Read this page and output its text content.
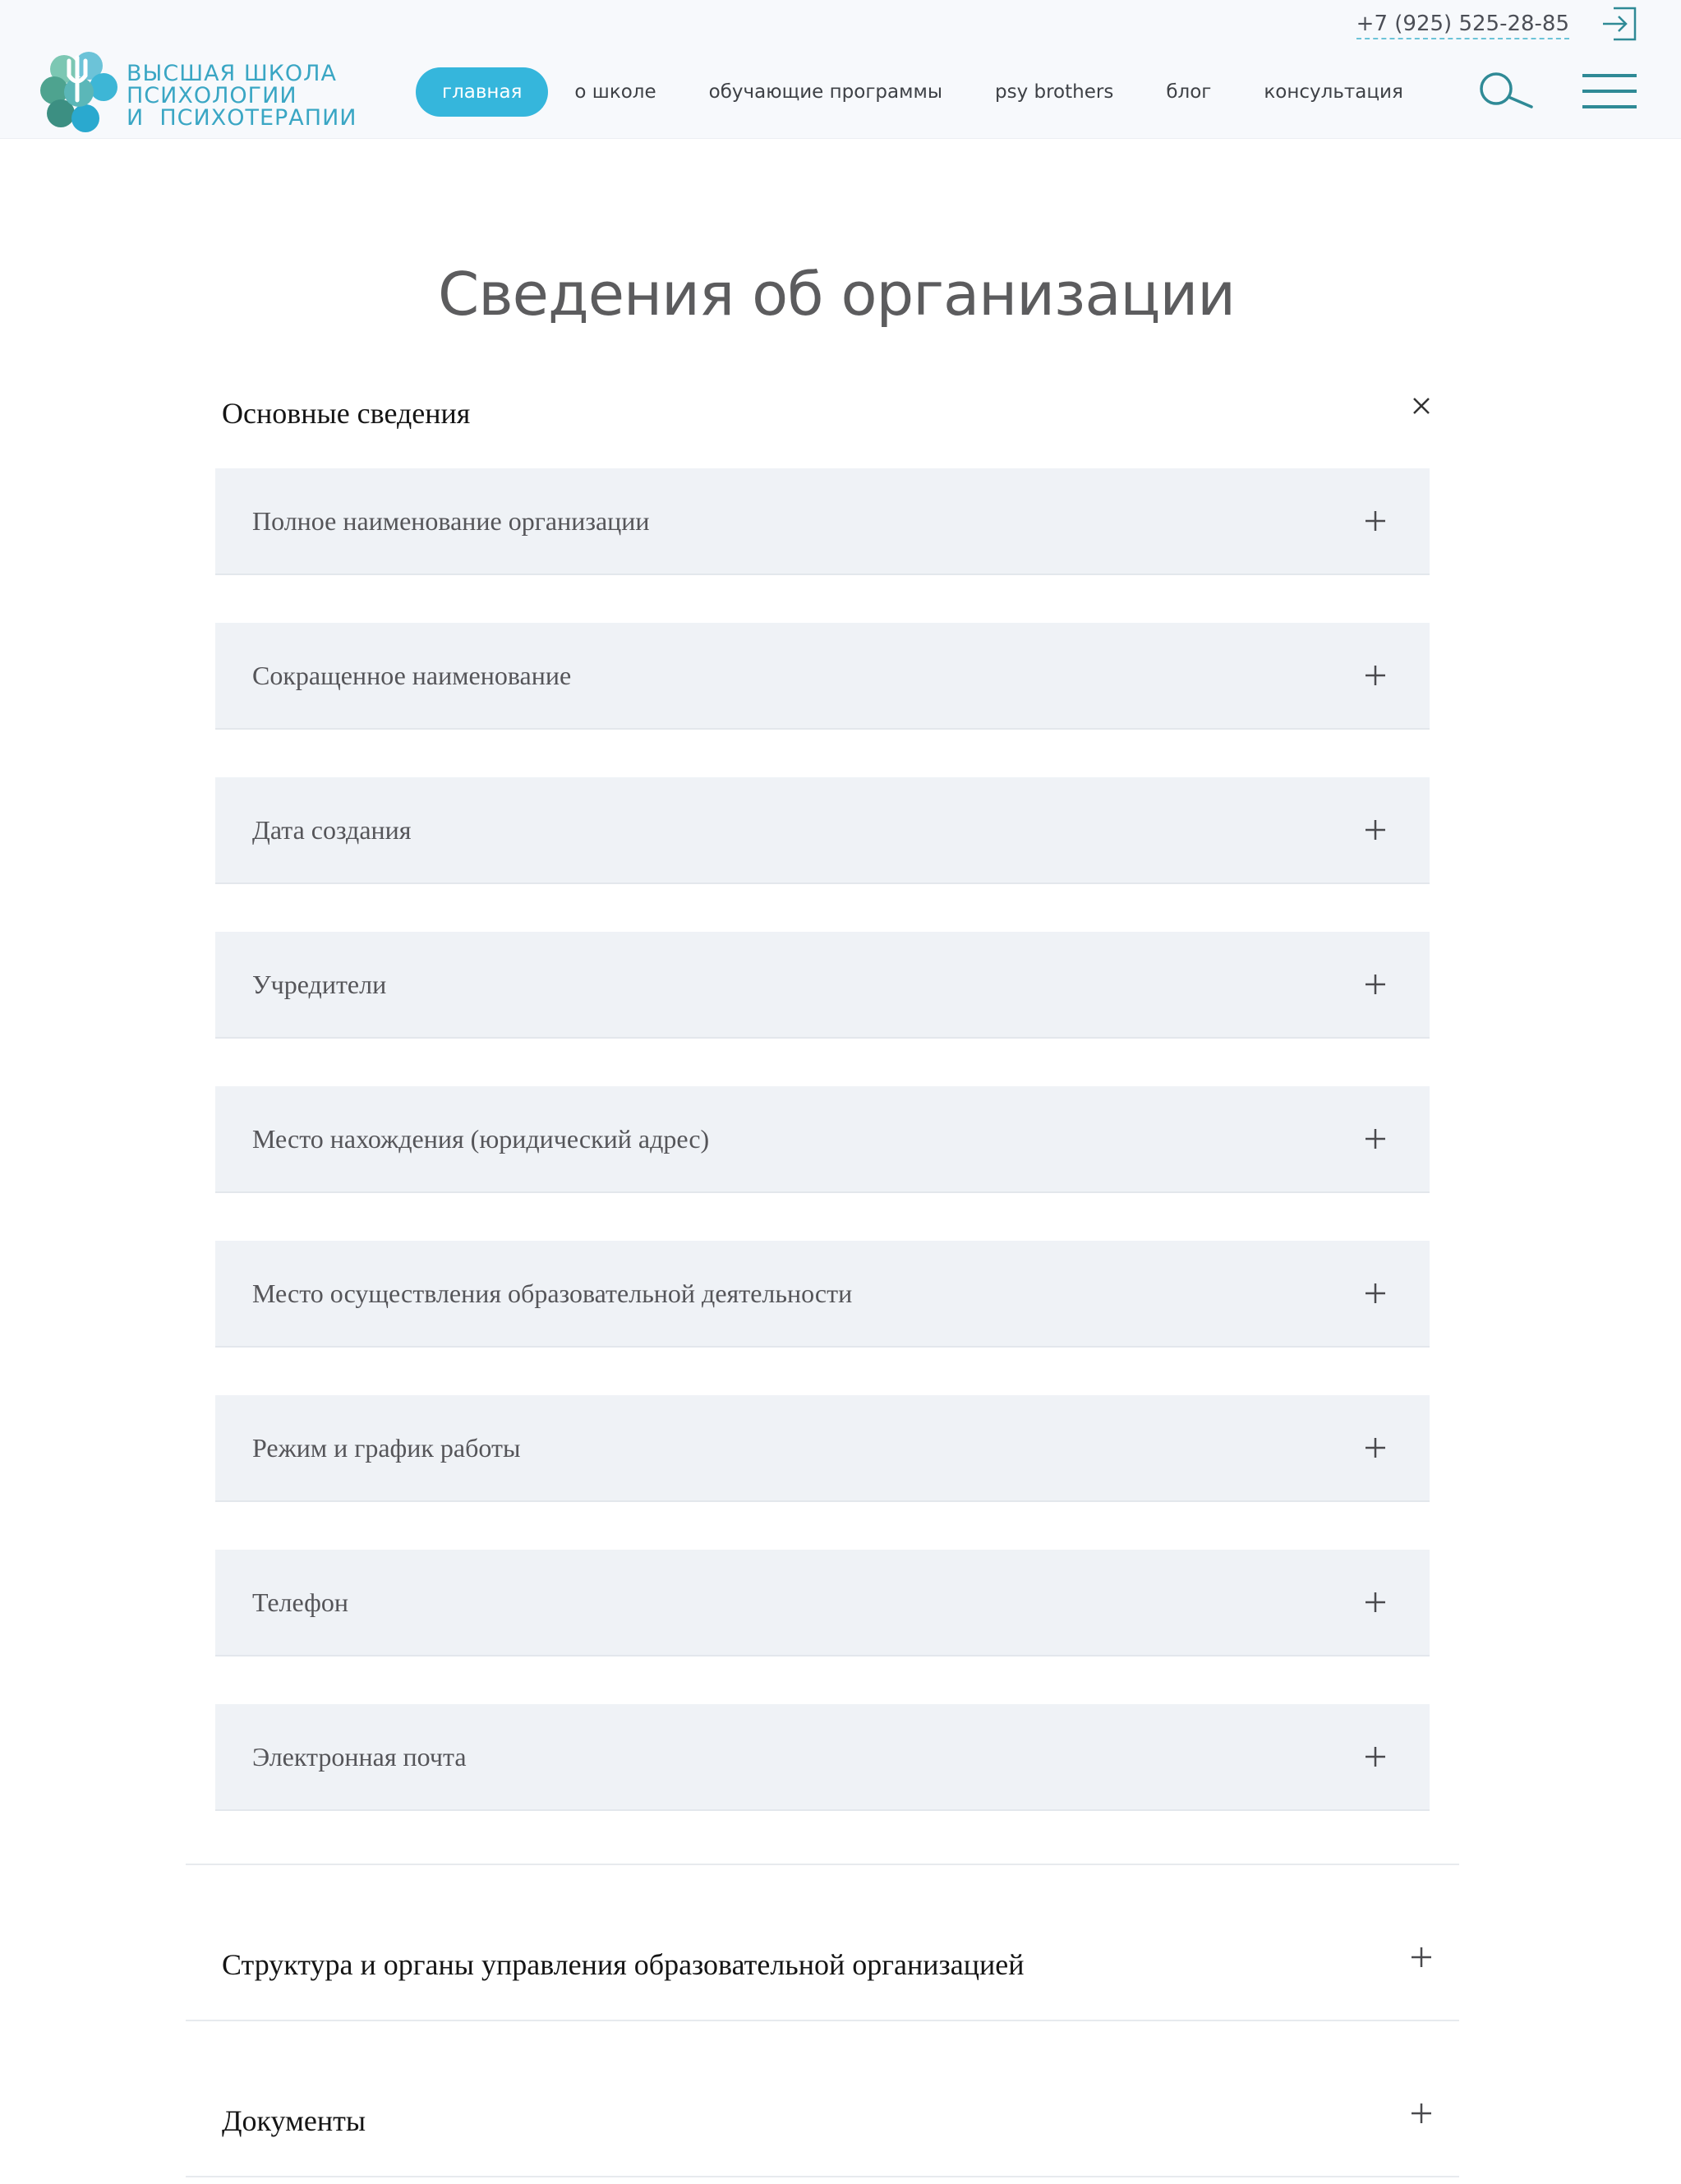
+7 (925) 525-28-85
ВЫСШАЯ ШКОЛА
ПСИХОЛОГИИ
И  ПСИХОТЕРАПИИ
главная	о школе	обучающие программы	psy brothers	блог	консультация
Сведения об организации
Основные сведения
Полное наименование организации
Сокращенное наименование
Дата создания
Учредители
Место нахождения (юридический адрес)
Место осуществления образовательной деятельности
Режим и график работы
Телефон
Электронная почта
Структура и органы управления образовательной организацией
Документы
